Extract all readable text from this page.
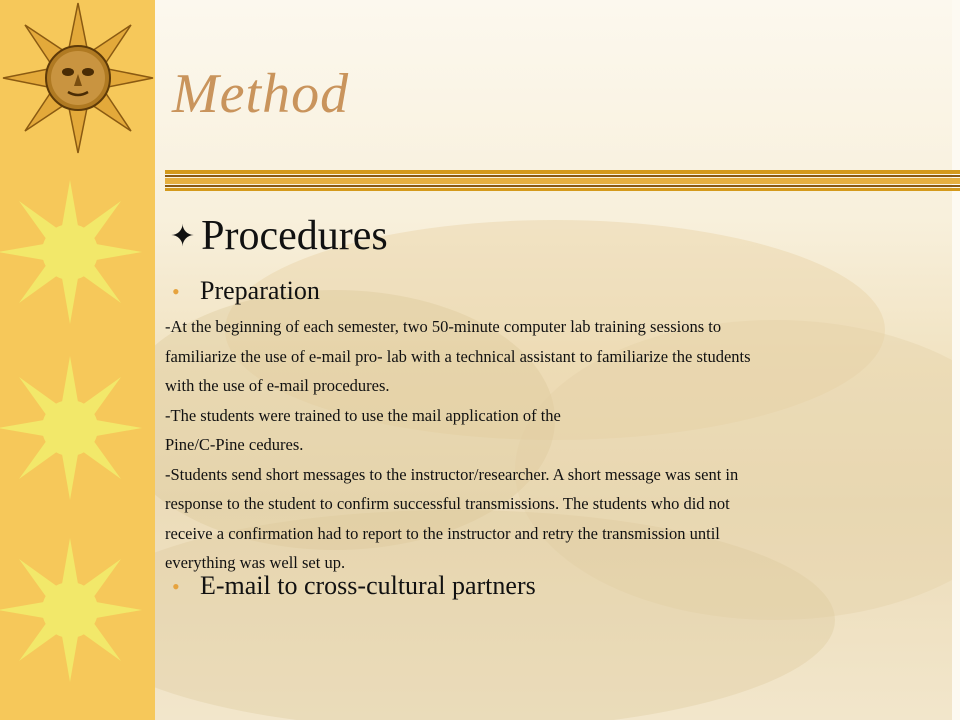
Method
✦ Procedures
• Preparation

-At the beginning of each semester, two 50-minute computer lab training sessions to

familiarize the use of e-mail pro- lab with a technical assistant to familiarize the students

with the use of e-mail procedures.

-The students were trained to use the mail application of the

Pine/C-Pine cedures.

-Students send short messages to the instructor/researcher. A short message was sent in

response to the student to confirm successful transmissions. The students who did not

receive a confirmation had to report to the instructor and retry the transmission until

everything was well set up.

• E-mail to cross-cultural partners
